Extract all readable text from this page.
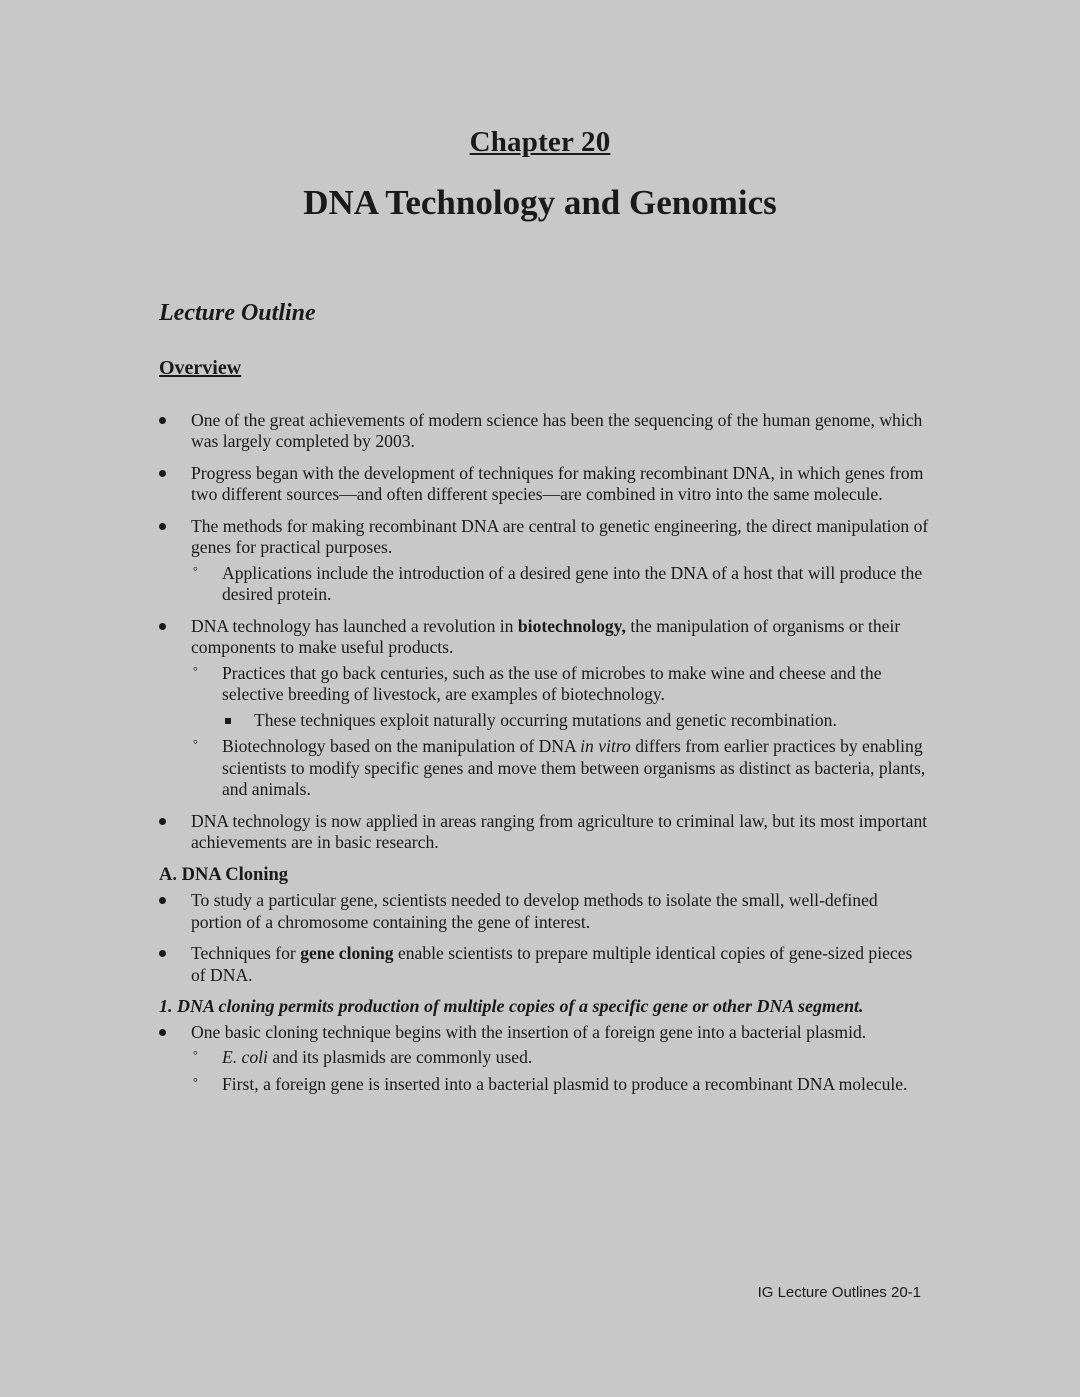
Chapter 20
DNA Technology and Genomics
Lecture Outline
Overview
One of the great achievements of modern science has been the sequencing of the human genome, which was largely completed by 2003.
Progress began with the development of techniques for making recombinant DNA, in which genes from two different sources—and often different species—are combined in vitro into the same molecule.
The methods for making recombinant DNA are central to genetic engineering, the direct manipulation of genes for practical purposes.
° Applications include the introduction of a desired gene into the DNA of a host that will produce the desired protein.
DNA technology has launched a revolution in biotechnology, the manipulation of organisms or their components to make useful products.
° Practices that go back centuries, such as the use of microbes to make wine and cheese and the selective breeding of livestock, are examples of biotechnology.
These techniques exploit naturally occurring mutations and genetic recombination.
° Biotechnology based on the manipulation of DNA in vitro differs from earlier practices by enabling scientists to modify specific genes and move them between organisms as distinct as bacteria, plants, and animals.
DNA technology is now applied in areas ranging from agriculture to criminal law, but its most important achievements are in basic research.
A. DNA Cloning
To study a particular gene, scientists needed to develop methods to isolate the small, well-defined portion of a chromosome containing the gene of interest.
Techniques for gene cloning enable scientists to prepare multiple identical copies of gene-sized pieces of DNA.
1. DNA cloning permits production of multiple copies of a specific gene or other DNA segment.
One basic cloning technique begins with the insertion of a foreign gene into a bacterial plasmid.
° E. coli and its plasmids are commonly used.
° First, a foreign gene is inserted into a bacterial plasmid to produce a recombinant DNA molecule.
IG Lecture Outlines 20-1
